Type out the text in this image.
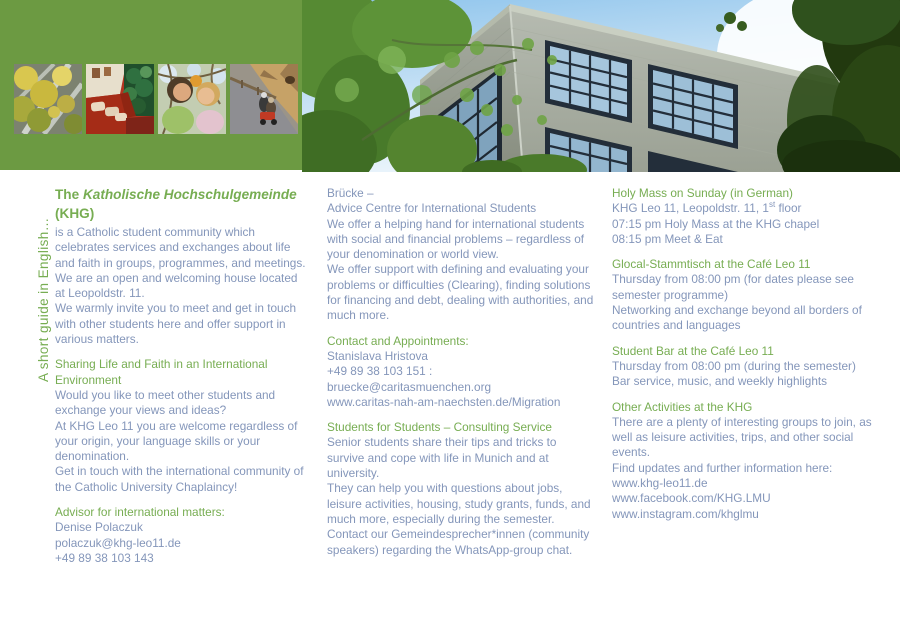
A short guide in English…
The Katholische Hochschulgemeinde (KHG)

is a Catholic student community which celebrates services and exchanges about life and faith in groups, programmes, and meetings.

We are an open and welcoming house located at Leopoldstr. 11.

We warmly invite you to meet and get in touch with other students here and offer support in various matters.

Sharing Life and Faith in an International Environment

Would you like to meet other students and exchange your views and ideas?

At KHG Leo 11 you are welcome regardless of your origin, your language skills or your denomination.

Get in touch with the international community of the Catholic University Chaplaincy!

Advisor for international matters:

Denise Polaczuk

polaczuk@khg-leo11.de

+49 89 38 103 143

Brücke –

Advice Centre for International Students

We offer a helping hand for international students with social and financial problems – regardless of your denomination or world view.

We offer support with defining and evaluating your problems or difficulties (Clearing), finding solutions for financing and debt, dealing with authorities, and much more.

Contact and Appointments:

Stanislava Hristova

+49 89 38 103 151 :

bruecke@caritasmuenchen.org

www.caritas-nah-am-naechsten.de/Migration

Students for Students – Consulting Service

Senior students share their tips and tricks to survive and cope with life in Munich and at university.

They can help you with questions about jobs, leisure activities, housing, study grants, funds, and much more, especially during the semester.

Contact our Gemeindesprecher*innen (community speakers) regarding the WhatsApp-group chat.

Holy Mass on Sunday (in German)

KHG Leo 11, Leopoldstr. 11, 1st floor

07:15 pm Holy Mass at the KHG chapel

08:15 pm Meet & Eat

Glocal-Stammtisch at the Café Leo 11

Thursday from 08:00 pm (for dates please see semester programme)

Networking and exchange beyond all borders of countries and languages

Student Bar at the Café Leo 11

Thursday from 08:00 pm (during the semester)

Bar service, music, and weekly highlights

Other Activities at the KHG

There are a plenty of interesting groups to join, as well as leisure activities, trips, and other social events.

Find updates and further information here:

www.khg-leo11.de

www.facebook.com/KHG.LMU

www.instagram.com/khglmu
